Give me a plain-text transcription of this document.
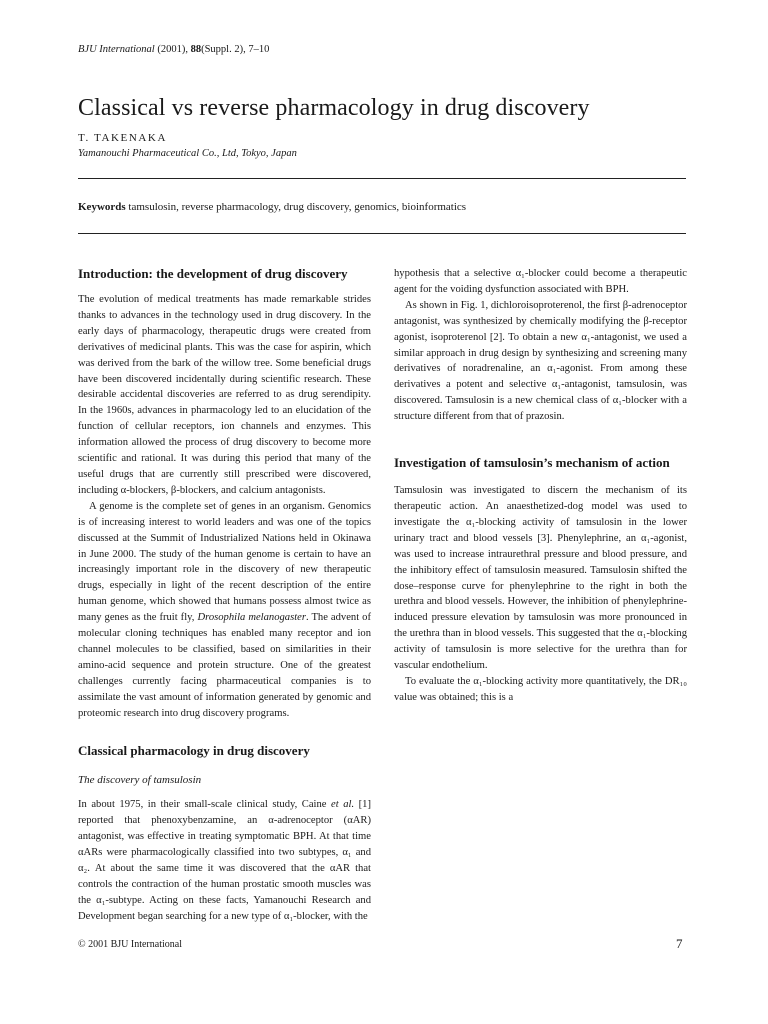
BJU International (2001), 88(Suppl. 2), 7–10
Classical vs reverse pharmacology in drug discovery
T. TAKENAKA
Yamanouchi Pharmaceutical Co., Ltd, Tokyo, Japan
Keywords tamsulosin, reverse pharmacology, drug discovery, genomics, bioinformatics
Introduction: the development of drug discovery

The evolution of medical treatments has made remarkable strides thanks to advances in the technology used in drug discovery. In the early days of pharmacology, therapeutic drugs were created from derivatives of medicinal plants. This was the case for aspirin, which was derived from the bark of the willow tree. Some beneficial drugs have been discovered incidentally during scientific research. These desirable accidental discoveries are referred to as drug serendipity. In the 1960s, advances in pharmacology led to an elucidation of the function of cellular receptors, ion channels and enzymes. This information allowed the process of drug discovery to become more scientific and rational. It was during this period that many of the useful drugs that are currently still prescribed were discovered, including α-blockers, β-blockers, and calcium antagonists.

A genome is the complete set of genes in an organism. Genomics is of increasing interest to world leaders and was one of the topics discussed at the Summit of Industrialized Nations held in Okinawa in June 2000. The study of the human genome is certain to have an increasingly important role in the discovery of new therapeutic drugs, especially in light of the recent description of the entire human genome, which showed that humans possess almost twice as many genes as the fruit fly, Drosophila melanogaster. The advent of molecular cloning techniques has enabled many receptor and ion channel molecules to be classified, based on similarities in their amino-acid sequence and protein structure. One of the greatest challenges currently facing pharmaceutical companies is to assimilate the vast amount of information generated by genomic and proteomic research into drug discovery programs.

Classical pharmacology in drug discovery
The discovery of tamsulosin

In about 1975, in their small-scale clinical study, Caine et al. [1] reported that phenoxybenzamine, an α-adrenoceptor (αAR) antagonist, was effective in treating symptomatic BPH. At that time αARs were pharmacologically classified into two subtypes, α₁ and α₂. At about the same time it was discovered that the αAR that controls the contraction of the human prostatic smooth muscles was the α₁-subtype. Acting on these facts, Yamanouchi Research and Development began searching for a new type of α₁-blocker, with the

hypothesis that a selective α₁-blocker could become a therapeutic agent for the voiding dysfunction associated with BPH.

As shown in Fig. 1, dichloroisoproterenol, the first β-adrenoceptor antagonist, was synthesized by chemically modifying the β-receptor agonist, isoproterenol [2]. To obtain a new α₁-antagonist, we used a similar approach in drug design by synthesizing and screening many derivatives of noradrenaline, an α₁-agonist. From among these derivatives a potent and selective α₁-antagonist, tamsulosin, was discovered. Tamsulosin is a new chemical class of α₁-blocker with a structure different from that of prazosin.

Investigation of tamsulosin’s mechanism of action

Tamsulosin was investigated to discern the mechanism of its therapeutic action. An anaesthetized-dog model was used to investigate the α₁-blocking activity of tamsulosin in the lower urinary tract and blood vessels [3]. Phenylephrine, an α₁-agonist, was used to increase intraurethral pressure and blood pressure, and the inhibitory effect of tamsulosin measured. Tamsulosin shifted the dose–response curve for phenylephrine to the right in both the urethra and blood vessels. However, the inhibition of phenylephrine-induced pressure elevation by tamsulosin was more pronounced in the urethra than in blood vessels. This suggested that the α₁-blocking activity of tamsulosin is more selective for the urethra than for vascular endothelium.

To evaluate the α₁-blocking activity more quantitatively, the DR₁₀ value was obtained; this is a

© 2001 BJU International	7
